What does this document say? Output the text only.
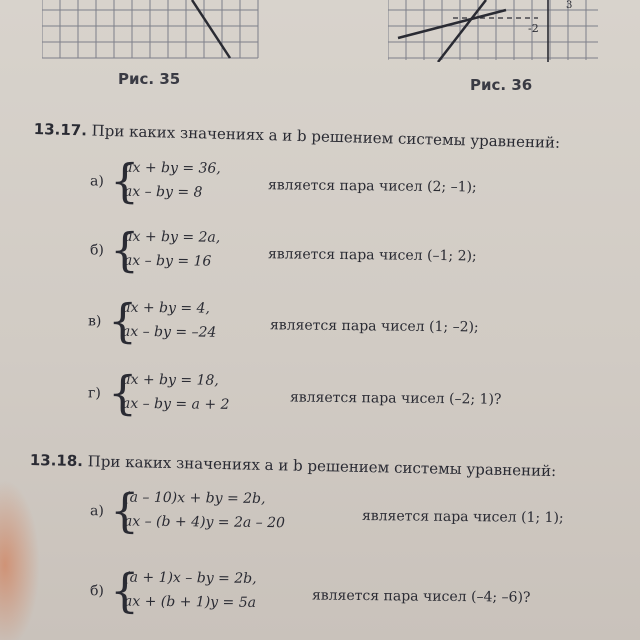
Рис. 35
-2
3
Рис. 36
13.17. При каких значениях a и b решением системы уравнений:
а) {
ax + by = 36,
ax – by = 8	является пара чисел (2; –1);
б) {
ax + by = 2a,
ax – by = 16	является пара чисел (–1; 2);
в) {
ax + by = 4,
ax – by = –24	является пара чисел (1; –2);
г) {
ax + by = 18,
ax – by = a + 2	является пара чисел (–2; 1)?
13.18. При каких значениях a и b решением системы уравнений:
а) {
(a – 10)x + by = 2b,
ax – (b + 4)y = 2a – 20	является пара чисел (1; 1);
б) {
(a + 1)x – by = 2b,
ax + (b + 1)y = 5a	является пара чисел (–4; –6)?
